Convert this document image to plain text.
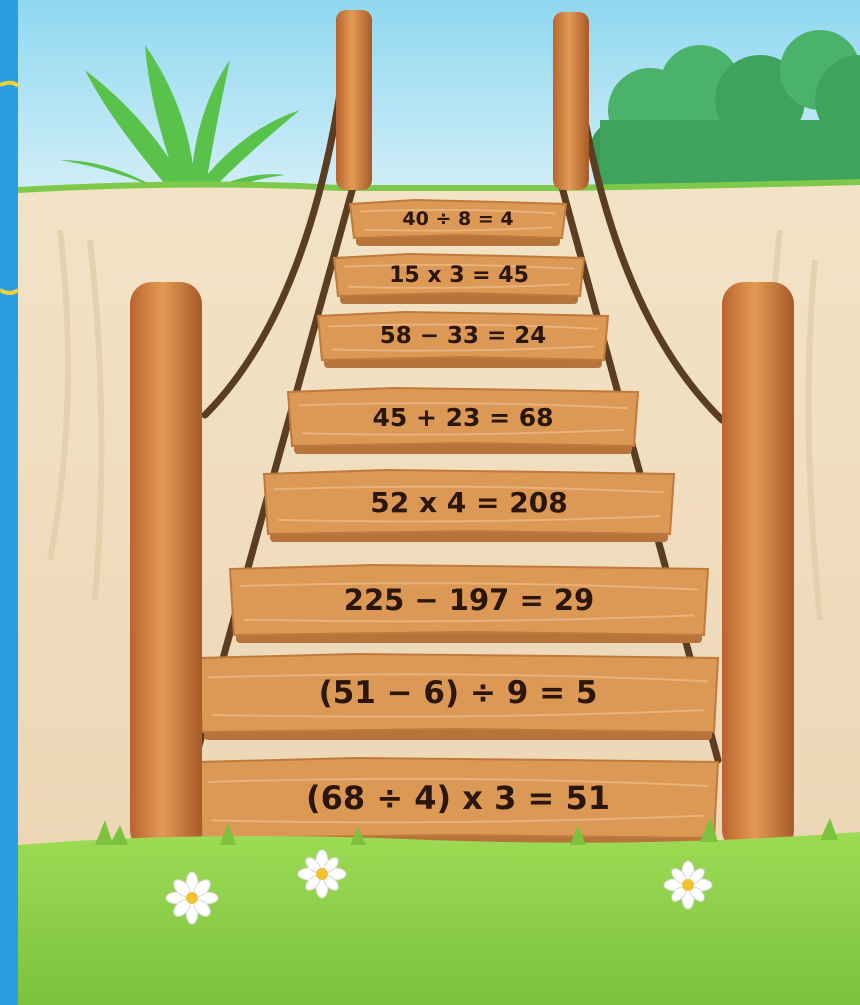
40 ÷ 8 = 4
15 x 3 = 45
58 − 33 = 24
45 + 23 = 68
52 x 4 = 208
225 − 197 = 29
(51 − 6) ÷ 9 = 5
(68 ÷ 4) x 3 = 51
